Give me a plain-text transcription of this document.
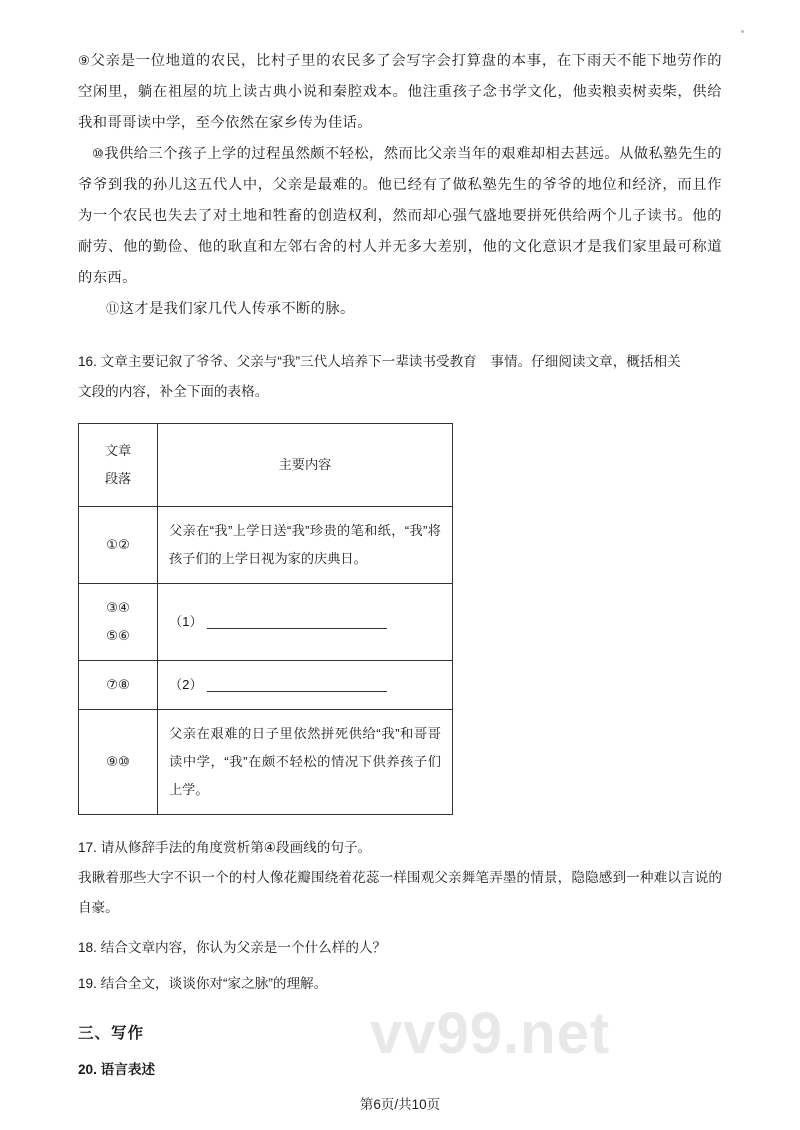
⑨父亲是一位地道的农民，比村子里的农民多了会写字会打算盘的本事，在下雨天不能下地劳作的空闲里，躺在祖屋的坑上读古典小说和秦腔戏本。他注重孩子念书学文化，他卖粮卖树卖柴，供给我和哥哥读中学，至今依然在家乡传为佳话。

⑩我供给三个孩子上学的过程虽然颇不轻松，然而比父亲当年的艰难却相去甚远。从做私塾先生的爷爷到我的孙儿这五代人中，父亲是最难的。他已经有了做私塾先生的爷爷的地位和经济，而且作为一个农民也失去了对土地和牲畜的创造权利，然而却心强气盛地要拼死供给两个儿子读书。他的耐劳、他的勤俭、他的耿直和左邻右舍的村人并无多大差别，他的文化意识才是我们家里最可称道的东西。

⑪这才是我们家几代人传承不断的脉。

16. 文章主要记叙了爷爷、父亲与“我”三代人培养下一辈读书受教育　事情。仔细阅读文章，概括相关
文段的内容，补全下面的表格。
文章
段落	主要内容

①②	父亲在“我”上学日送“我”珍贵的笔和纸，“我”将孩子们的上学日视为家的庆典日。

③④
⑤⑥	（1）

⑦⑧	（2）

⑨⑩	父亲在艰难的日子里依然拼死供给“我”和哥哥读中学，“我”在颇不轻松的情况下供养孩子们上学。
17. 请从修辞手法的角度赏析第④段画线的句子。
我瞅着那些大字不识一个的村人像花瓣围绕着花蕊一样围观父亲舞笔弄墨的情景，隐隐感到一种难以言说的自豪。
18. 结合文章内容，你认为父亲是一个什么样的人？
19. 结合全文，谈谈你对“家之脉”的理解。
三、写作
20. 语言表述
vv99.net
第6页/共10页
